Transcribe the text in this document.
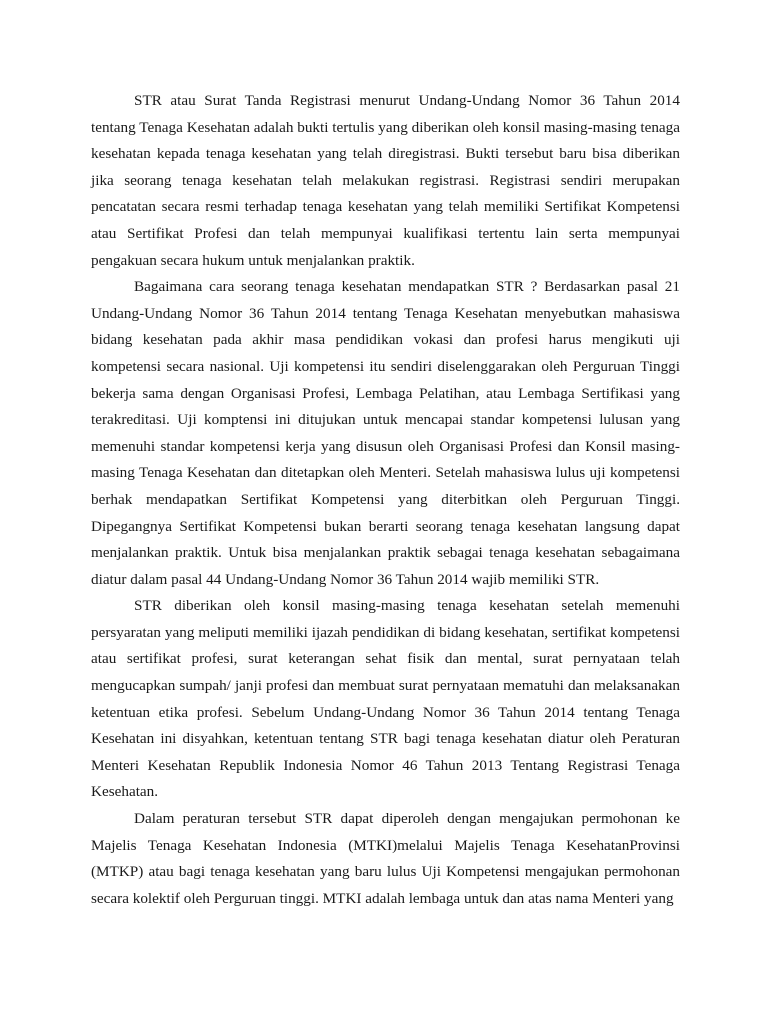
STR atau Surat Tanda Registrasi menurut Undang-Undang Nomor 36 Tahun 2014 tentang Tenaga Kesehatan adalah bukti tertulis yang diberikan oleh konsil masing-masing tenaga kesehatan kepada tenaga kesehatan yang telah diregistrasi. Bukti tersebut baru bisa diberikan jika seorang tenaga kesehatan telah melakukan registrasi. Registrasi sendiri merupakan pencatatan secara resmi terhadap tenaga kesehatan yang telah memiliki Sertifikat Kompetensi atau Sertifikat Profesi dan telah mempunyai kualifikasi tertentu lain serta mempunyai pengakuan secara hukum untuk menjalankan praktik.

Bagaimana cara seorang tenaga kesehatan mendapatkan STR ? Berdasarkan pasal 21 Undang-Undang Nomor 36 Tahun 2014 tentang Tenaga Kesehatan menyebutkan mahasiswa bidang kesehatan pada akhir masa pendidikan vokasi dan profesi harus mengikuti uji kompetensi secara nasional. Uji kompetensi itu sendiri diselenggarakan oleh Perguruan Tinggi bekerja sama dengan Organisasi Profesi, Lembaga Pelatihan, atau Lembaga Sertifikasi yang terakreditasi. Uji komptensi ini ditujukan untuk mencapai standar kompetensi lulusan yang memenuhi standar kompetensi kerja yang disusun oleh Organisasi Profesi dan Konsil masing-masing Tenaga Kesehatan dan ditetapkan oleh Menteri. Setelah mahasiswa lulus uji kompetensi berhak mendapatkan Sertifikat Kompetensi yang diterbitkan oleh Perguruan Tinggi. Dipegangnya Sertifikat Kompetensi bukan berarti seorang tenaga kesehatan langsung dapat menjalankan praktik. Untuk bisa menjalankan praktik sebagai tenaga kesehatan sebagaimana diatur dalam pasal 44 Undang-Undang Nomor 36 Tahun 2014 wajib memiliki STR.

STR diberikan oleh konsil masing-masing tenaga kesehatan setelah memenuhi persyaratan yang meliputi memiliki ijazah pendidikan di bidang kesehatan, sertifikat kompetensi atau sertifikat profesi, surat keterangan sehat fisik dan mental, surat pernyataan telah mengucapkan sumpah/ janji profesi dan membuat surat pernyataan mematuhi dan melaksanakan ketentuan etika profesi. Sebelum Undang-Undang Nomor 36 Tahun 2014 tentang Tenaga Kesehatan ini disyahkan, ketentuan tentang STR bagi tenaga kesehatan diatur oleh Peraturan Menteri Kesehatan Republik Indonesia Nomor 46 Tahun 2013 Tentang Registrasi Tenaga Kesehatan.

Dalam peraturan tersebut STR dapat diperoleh dengan mengajukan permohonan ke Majelis Tenaga Kesehatan Indonesia (MTKI)melalui Majelis Tenaga KesehatanProvinsi (MTKP) atau bagi tenaga kesehatan yang baru lulus Uji Kompetensi mengajukan permohonan secara kolektif oleh Perguruan tinggi. MTKI adalah lembaga untuk dan atas nama Menteri yang
